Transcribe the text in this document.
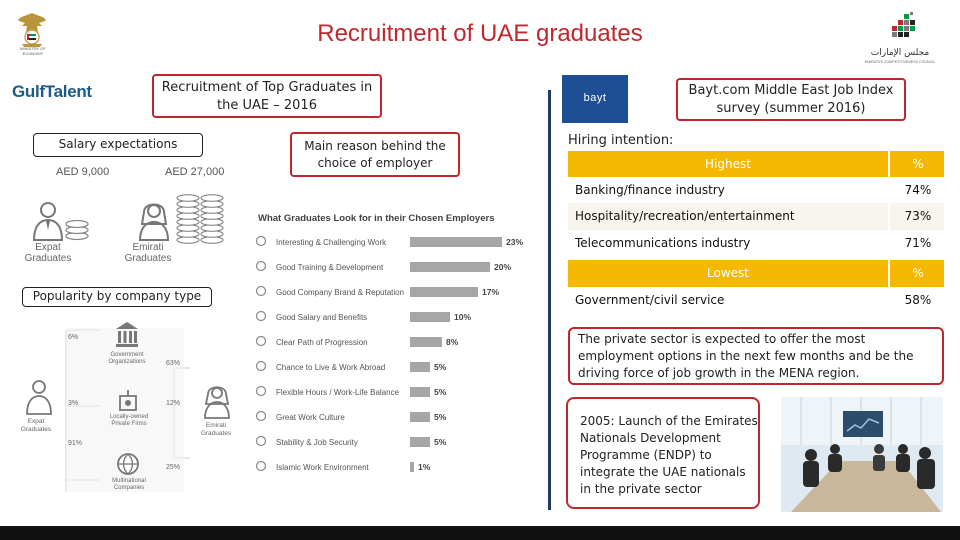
Recruitment of UAE graduates
MINISTRY OF ECONOMY	مجلس الإمارات
EMIRATES COMPETITIVENESS COUNCIL
GulfTalent	Recruitment of Top Graduates in the UAE – 2016
Salary expectations	Main reason behind the choice of employer
Popularity by company type
AED 9,000	AED 27,000
Expat Graduates
Emirati Graduates
What Graduates Look for in their Chosen Employers
Interesting & Challenging Work	23%
Good Training & Development	20%
Good Company Brand & Reputation	17%
Good Salary and Benefits	10%
Clear Path of Progression	8%
Chance to Live & Work Abroad	5%
Flexible Hours / Work-Life Balance	5%
Great Work Culture	5%
Stability & Job Security	5%
Islamic Work Environment	1%
6%
3%
91%
63%
12%
25%
Government Organizations
Locally-owned Private Firms
Multinational Companies
Expat Graduates	Emirati Graduates
bayt	Bayt.com Middle East Job Index survey (summer 2016)
Hiring intention:
Highest	%
Banking/finance industry	74%
Hospitality/recreation/entertainment	73%
Telecommunications industry	71%
Lowest	%
Government/civil service	58%
The private sector is expected to offer the most employment options in the next few months and be the driving force of job growth in the MENA region.
2005: Launch of the Emirates Nationals Development Programme (ENDP) to integrate the UAE nationals in the private sector
